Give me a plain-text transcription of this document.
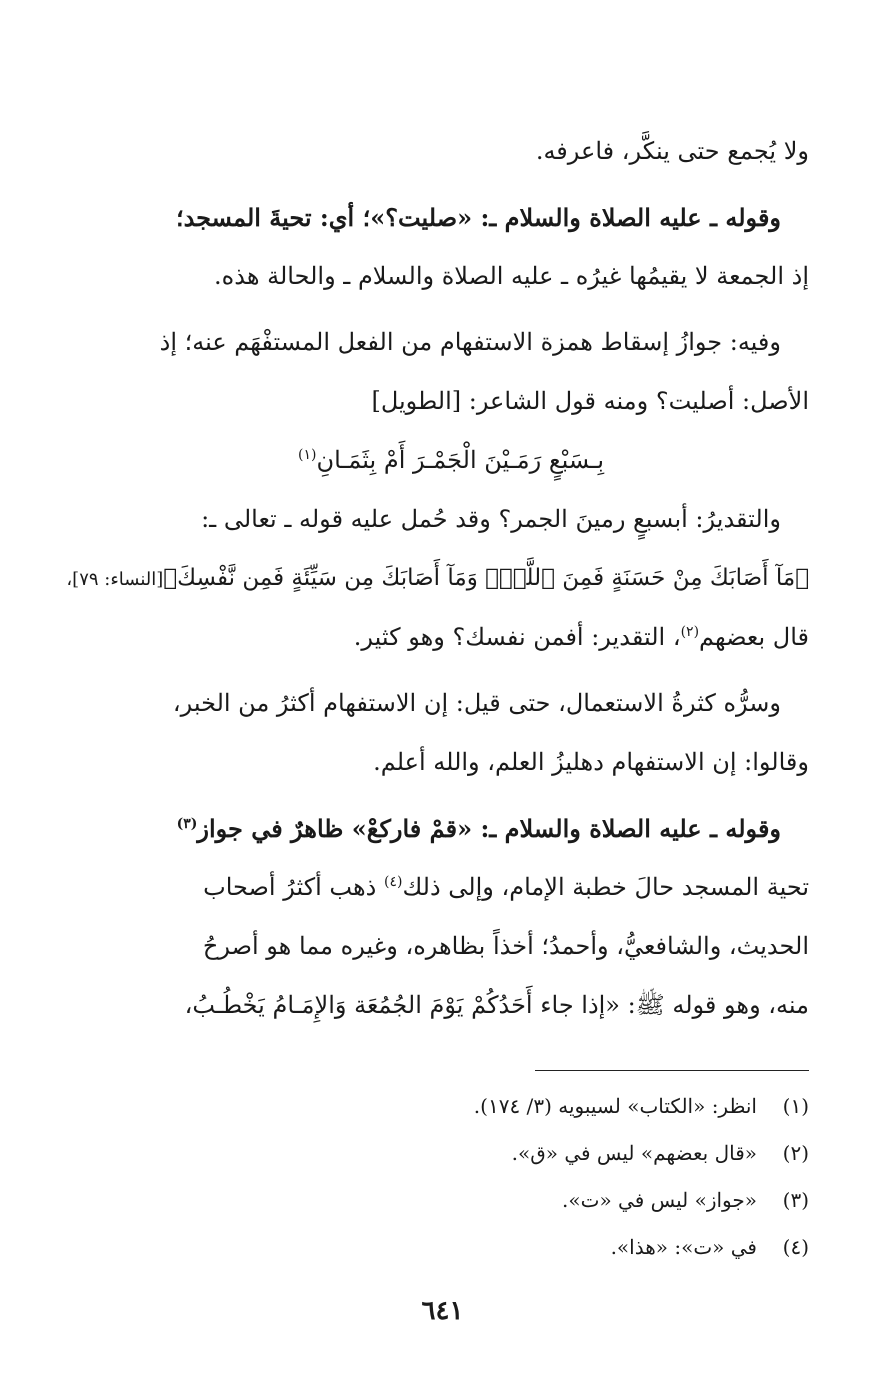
ولا يُجمع حتى ينكَّر، فاعرفه.
وقوله ـ عليه الصلاة والسلام ـ: «صليت؟»؛ أي: تحيةَ المسجد؛
إذ الجمعة لا يقيمُها غيرُه ـ عليه الصلاة والسلام ـ والحالة هذه.
وفيه: جوازُ إسقاط همزة الاستفهام من الفعل المستفْهَم عنه؛ إذ
الأصل: أصليت؟ ومنه قول الشاعر: [الطويل]
بِـسَبْعٍ رَمَـيْنَ الْجَمْـرَ أَمْ بِثَمَـانِ$^{(١)}$
والتقديرُ: أبسبعٍ رمينَ الجمر؟ وقد حُمل عليه قوله ـ تعالى ـ:
﴿مَآ أَصَابَكَ مِنْ حَسَنَةٍ فَمِنَ ٱللَّهِۖ وَمَآ أَصَابَكَ مِن سَيِّئَةٍ فَمِن نَّفْسِكَ﴾[النساء: ٧٩]،
قال بعضهم$^{(٢)}$، التقدير: أفمن نفسك؟ وهو كثير.
وسرُّه كثرةُ الاستعمال، حتى قيل: إن الاستفهام أكثرُ من الخبر،
وقالوا: إن الاستفهام دهليزُ العلم، والله أعلم.
وقوله ـ عليه الصلاة والسلام ـ: «قمْ فاركعْ» ظاهرٌ في جواز$^{(٣)}$
تحية المسجد حالَ خطبة الإمام، وإلى ذلك$^{(٤)}$ ذهب أكثرُ أصحاب
الحديث، والشافعيُّ، وأحمدُ؛ أخذاً بظاهره، وغيره مما هو أصرحُ
منه، وهو قوله ﷺ: «إذا جاء أَحَدُكُمْ يَوْمَ الجُمُعَة وَالإِمَـامُ يَخْطُـبُ،
(١)
انظر: «الكتاب» لسيبويه (٣/ ١٧٤).
(٢)
«قال بعضهم» ليس في «ق».
(٣)
«جواز» ليس في «ت».
(٤)
في «ت»: «هذا».
٦٤١
